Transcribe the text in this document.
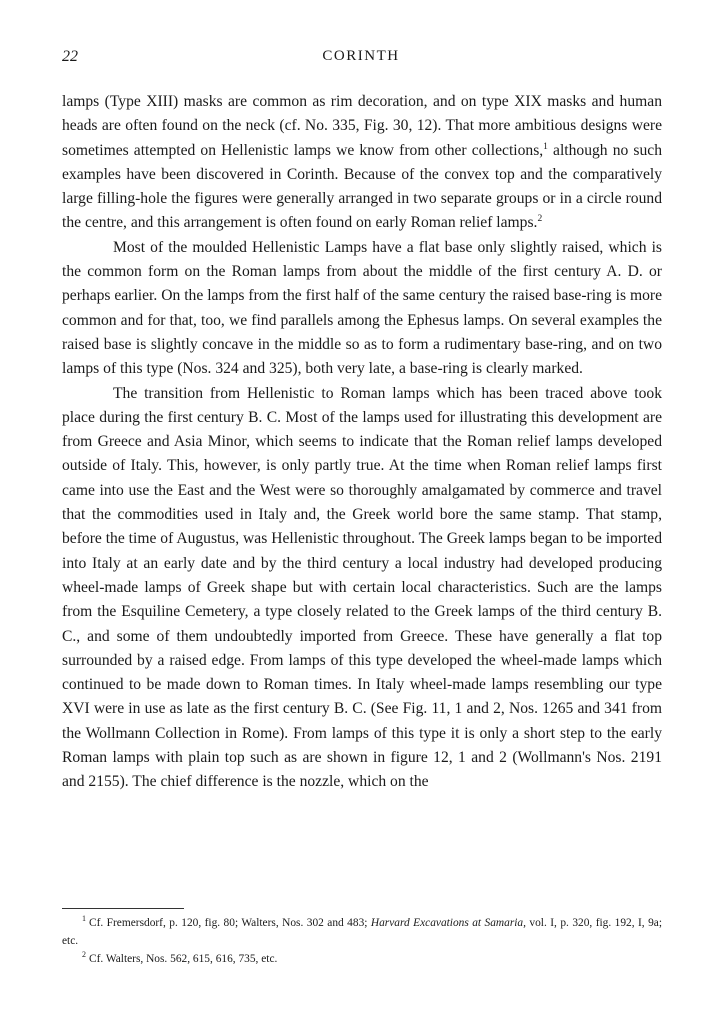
22	CORINTH

lamps (Type XIII) masks are common as rim decoration, and on type XIX masks and human heads are often found on the neck (cf. No. 335, Fig. 30, 12). That more ambitious designs were sometimes attempted on Hellenistic lamps we know from other collections,$^1$ although no such examples have been discovered in Corinth. Because of the convex top and the comparatively large filling-hole the figures were generally arranged in two separate groups or in a circle round the centre, and this arrangement is often found on early Roman relief lamps.$^2$

Most of the moulded Hellenistic Lamps have a flat base only slightly raised, which is the common form on the Roman lamps from about the middle of the first century A. D. or perhaps earlier. On the lamps from the first half of the same century the raised base-ring is more common and for that, too, we find parallels among the Ephesus lamps. On several examples the raised base is slightly concave in the middle so as to form a rudimentary base-ring, and on two lamps of this type (Nos. 324 and 325), both very late, a base-ring is clearly marked.

The transition from Hellenistic to Roman lamps which has been traced above took place during the first century B. C. Most of the lamps used for illustrating this development are from Greece and Asia Minor, which seems to indicate that the Roman relief lamps developed outside of Italy. This, however, is only partly true. At the time when Roman relief lamps first came into use the East and the West were so thoroughly amalgamated by commerce and travel that the commodities used in Italy and, the Greek world bore the same stamp. That stamp, before the time of Augustus, was Hellenistic throughout. The Greek lamps began to be imported into Italy at an early date and by the third century a local industry had developed producing wheel-made lamps of Greek shape but with certain local characteristics. Such are the lamps from the Esquiline Cemetery, a type closely related to the Greek lamps of the third century B. C., and some of them undoubtedly imported from Greece. These have generally a flat top surrounded by a raised edge. From lamps of this type developed the wheel-made lamps which continued to be made down to Roman times. In Italy wheel-made lamps resembling our type XVI were in use as late as the first century B. C. (See Fig. 11, 1 and 2, Nos. 1265 and 341 from the Wollmann Collection in Rome). From lamps of this type it is only a short step to the early Roman lamps with plain top such as are shown in figure 12, 1 and 2 (Wollmann's Nos. 2191 and 2155). The chief difference is the nozzle, which on the

$^1$ Cf. Fremersdorf, p. 120, fig. 80; Walters, Nos. 302 and 483; Harvard Excavations at Samaria, vol. I, p. 320, fig. 192, I, 9a; etc.

$^2$ Cf. Walters, Nos. 562, 615, 616, 735, etc.
